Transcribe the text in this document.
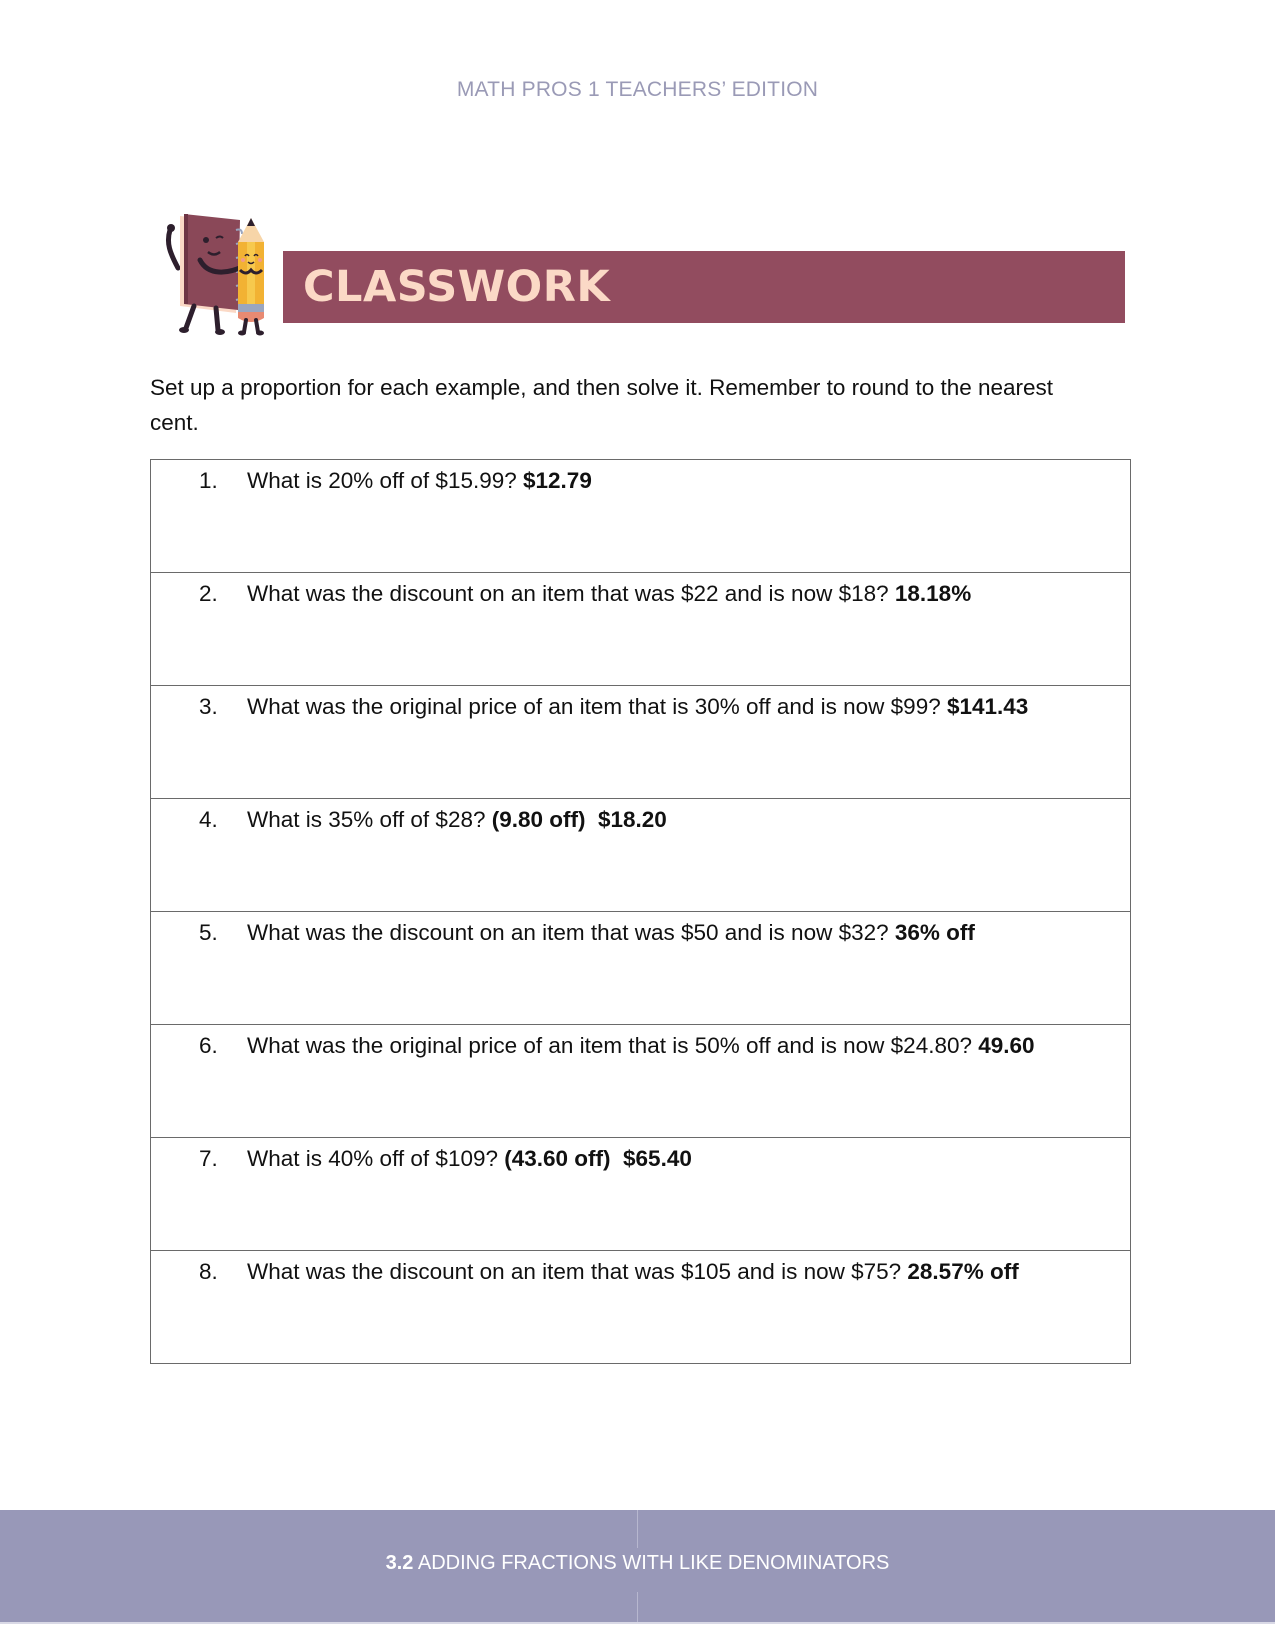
MATH PROS 1 TEACHERS’ EDITION
CLASSWORK
Set up a proportion for each example, and then solve it. Remember to round to the nearest cent.
1.	What is 20% off of $15.99? $12.79

2.	What was the discount on an item that was $22 and is now $18? 18.18%

3.	What was the original price of an item that is 30% off and is now $99? $141.43

4.	What is 35% off of $28? (9.80 off)  $18.20

5.	What was the discount on an item that was $50 and is now $32? 36% off

6.	What was the original price of an item that is 50% off and is now $24.80? 49.60

7.	What is 40% off of $109? (43.60 off)  $65.40

8.	What was the discount on an item that was $105 and is now $75? 28.57% off
3.2 ADDING FRACTIONS WITH LIKE DENOMINATORS
